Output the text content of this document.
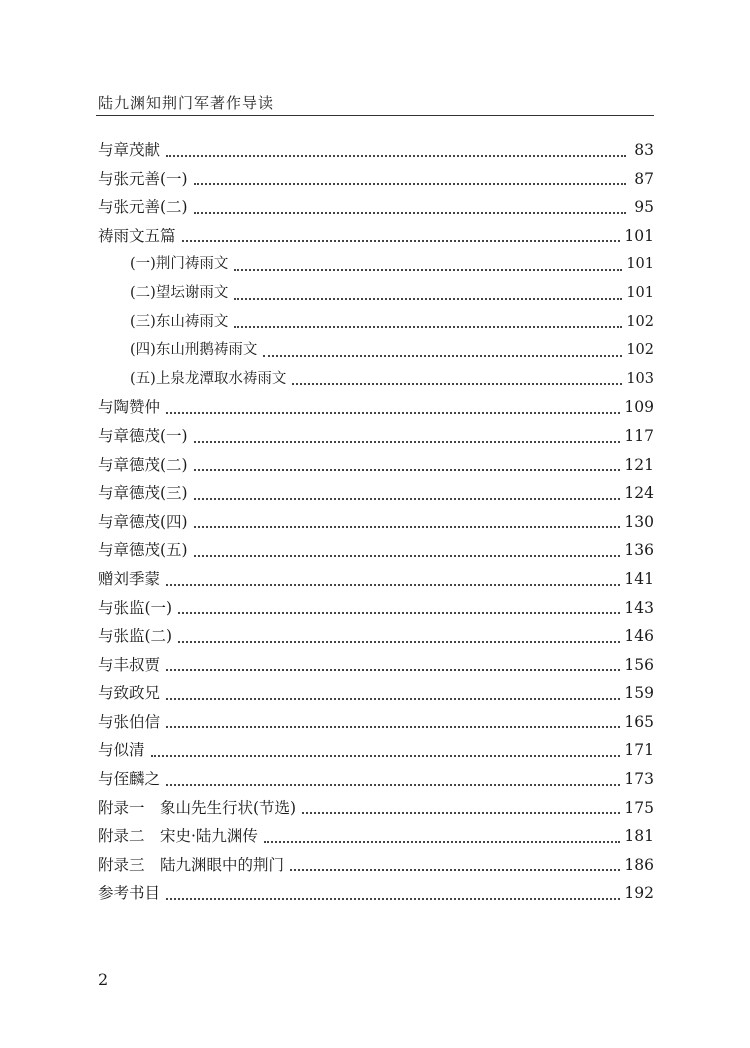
陆九渊知荆门军著作导读
与章茂献	83
与张元善(一)	87
与张元善(二)	95
祷雨文五篇	101
(一)荆门祷雨文	101
(二)望坛谢雨文	101
(三)东山祷雨文	102
(四)东山刑鹅祷雨文	102
(五)上泉龙潭取水祷雨文	103
与陶赞仲	109
与章德茂(一)	117
与章德茂(二)	121
与章德茂(三)	124
与章德茂(四)	130
与章德茂(五)	136
赠刘季蒙	141
与张监(一)	143
与张监(二)	146
与丰叔贾	156
与致政兄	159
与张伯信	165
与似清	171
与侄麟之	173
附录一　象山先生行状(节选)	175
附录二　宋史·陆九渊传	181
附录三　陆九渊眼中的荆门	186
参考书目	192
2
